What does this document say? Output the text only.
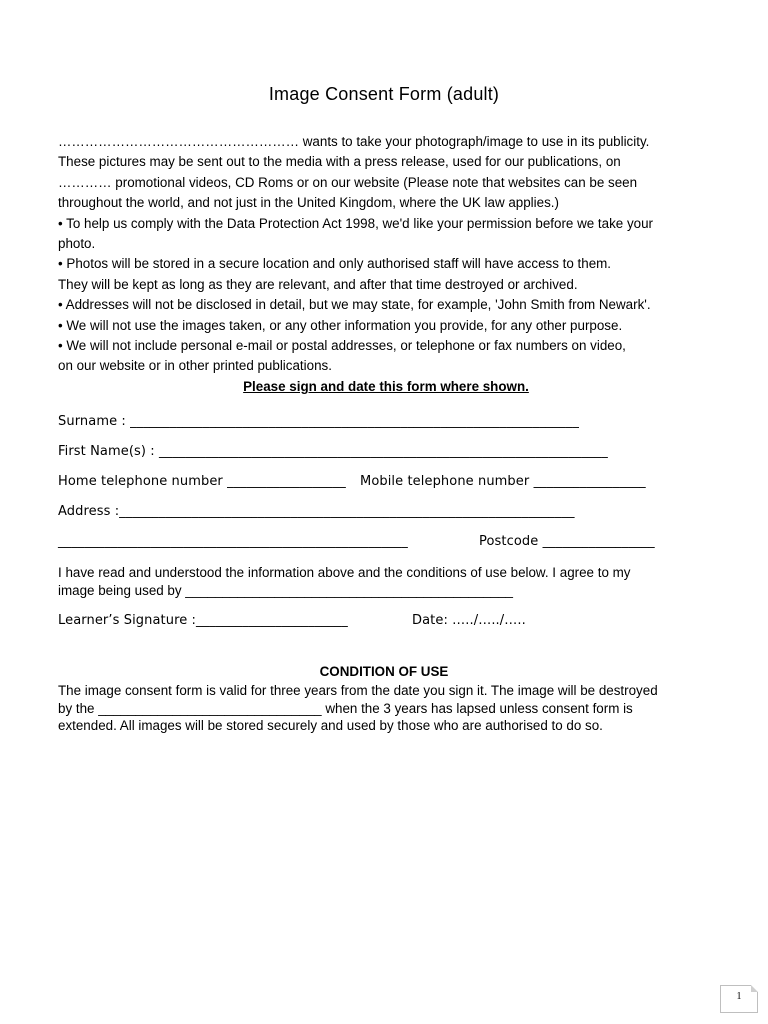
Image Consent Form (adult)
……………………………………………… wants to take your photograph/image to use in its publicity.
These pictures may be sent out to the media with a press release, used for our publications, on
………… promotional videos, CD Roms or on our website (Please note that websites can be seen
throughout the world, and not just in the United Kingdom, where the UK law applies.)
• To help us comply with the Data Protection Act 1998, we'd like your permission before we take your
photo.
• Photos will be stored in a secure location and only authorised staff will have access to them.
They will be kept as long as they are relevant, and after that time destroyed or archived.
• Addresses will not be disclosed in detail, but we may state, for example, 'John Smith from Newark'.
• We will not use the images taken, or any other information you provide, for any other purpose.
• We will not include personal e-mail or postal addresses, or telephone or fax numbers on video,
on our website or in other printed publications.
Please sign and date this form where shown.
Surname : ____________________________________________________________________
First Name(s) : ____________________________________________________________________
Home telephone number __________________ Mobile telephone number _________________
Address :_____________________________________________________________________
_____________________________________________________	Postcode _________________
I have read and understood the information above and the conditions of use below. I agree to my
image being used by ____________________________________________
Learner’s Signature :_______________________	Date: …../…../…..
CONDITION OF USE
The image consent form is valid for three years from the date you sign it. The image will be destroyed
by the ______________________________ when the 3 years has lapsed unless consent form is
extended. All images will be stored securely and used by those who are authorised to do so.
1
